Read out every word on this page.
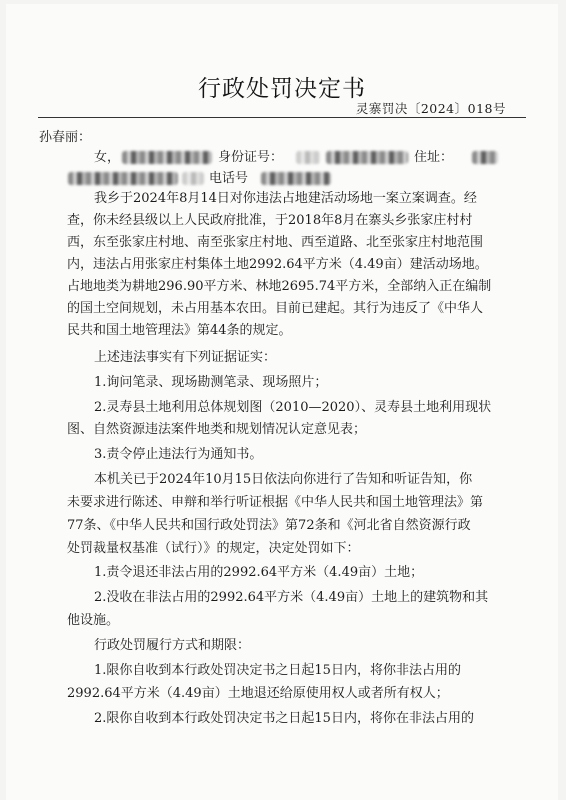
行政处罚决定书
灵寨罚决〔2024〕018号
孙春丽：
女，	身份证号：	住址：
电话号
我乡于2024年8月14日对你违法占地建活动场地一案立案调查。经
查，你未经县级以上人民政府批准，于2018年8月在寨头乡张家庄村村
西，东至张家庄村地、南至张家庄村地、西至道路、北至张家庄村地范围
内，违法占用张家庄村集体土地2992.64平方米（4.49亩）建活动场地。
占地地类为耕地296.90平方米、林地2695.74平方米，全部纳入正在编制
的国土空间规划，未占用基本农田。目前已建起。其行为违反了《中华人
民共和国土地管理法》第44条的规定。
上述违法事实有下列证据证实：
1.询问笔录、现场勘测笔录、现场照片；
2.灵寿县土地利用总体规划图（2010—2020）、灵寿县土地利用现状
图、自然资源违法案件地类和规划情况认定意见表；
3.责令停止违法行为通知书。
本机关已于2024年10月15日依法向你进行了告知和听证告知，你
未要求进行陈述、申辩和举行听证根据《中华人民共和国土地管理法》第
77条、《中华人民共和国行政处罚法》第72条和《河北省自然资源行政
处罚裁量权基准（试行）》的规定，决定处罚如下：
1.责令退还非法占用的2992.64平方米（4.49亩）土地；
2.没收在非法占用的2992.64平方米（4.49亩）土地上的建筑物和其
他设施。
行政处罚履行方式和期限：
1.限你自收到本行政处罚决定书之日起15日内，将你非法占用的
2992.64平方米（4.49亩）土地退还给原使用权人或者所有权人；
2.限你自收到本行政处罚决定书之日起15日内，将你在非法占用的
